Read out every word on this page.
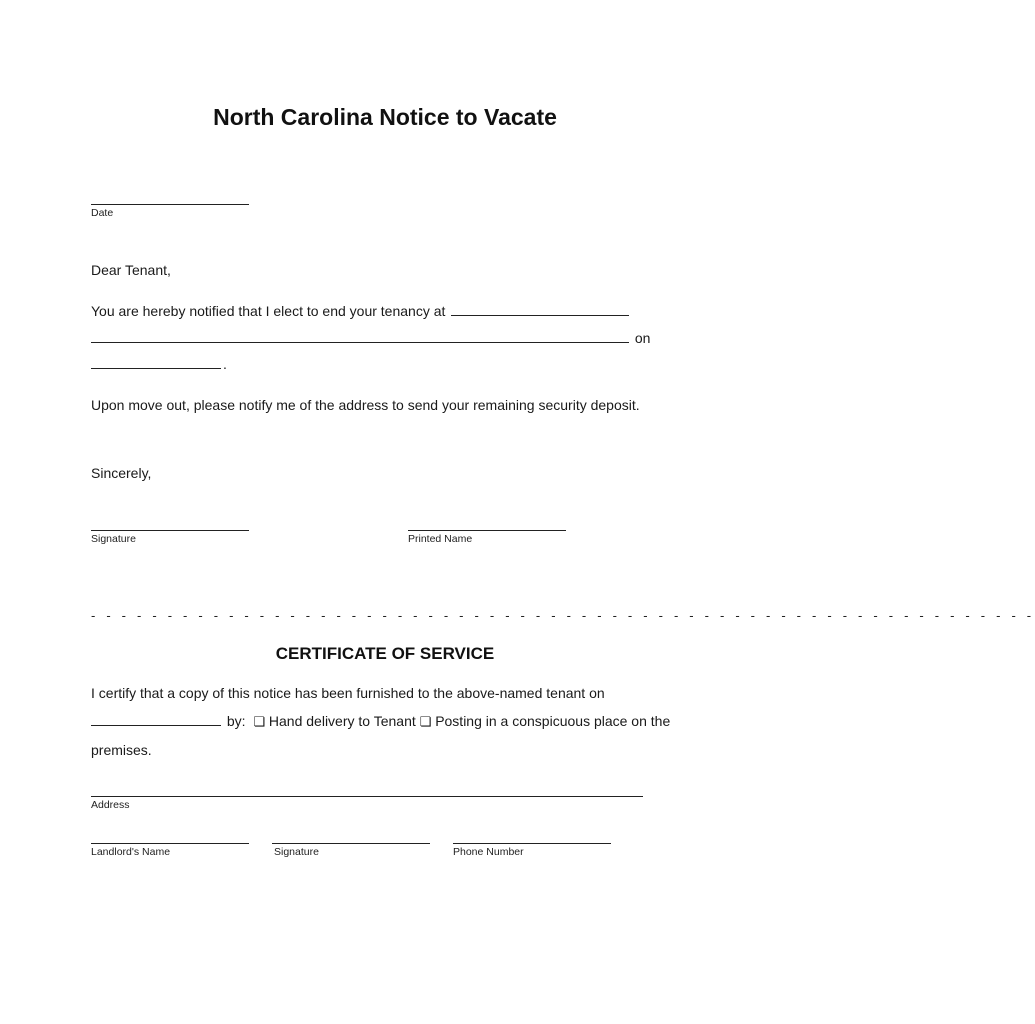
North Carolina Notice to Vacate
Date
Dear Tenant,
You are hereby notified that I elect to end your tenancy at
on
.
Upon move out, please notify me of the address to send your remaining security deposit.
Sincerely,
Signature	Printed Name
- - - - - - - - - - - - - - - - - - - - - - - - - - - - - - - - - - - - - - - - - - - - - - - - - - - - - - - - - - - - - -
CERTIFICATE OF SERVICE
I certify that a copy of this notice has been furnished to the above-named tenant on
by: ❏ Hand delivery to Tenant ❏ Posting in a conspicuous place on the premises.
Address
Landlord's Name	Signature	Phone Number
